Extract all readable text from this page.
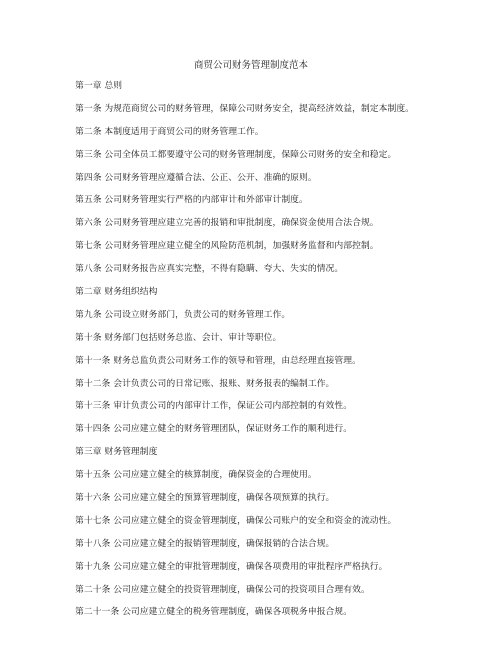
商贸公司财务管理制度范本
第一章 总则
第一条 为规范商贸公司的财务管理，保障公司财务安全，提高经济效益，制定本制度。
第二条 本制度适用于商贸公司的财务管理工作。
第三条 公司全体员工都要遵守公司的财务管理制度，保障公司财务的安全和稳定。
第四条 公司财务管理应遵循合法、公正、公开、准确的原则。
第五条 公司财务管理实行严格的内部审计和外部审计制度。
第六条 公司财务管理应建立完善的报销和审批制度，确保资金使用合法合规。
第七条 公司财务管理应建立健全的风险防范机制，加强财务监督和内部控制。
第八条 公司财务报告应真实完整，不得有隐瞒、夸大、失实的情况。
第二章 财务组织结构
第九条 公司设立财务部门，负责公司的财务管理工作。
第十条 财务部门包括财务总监、会计、审计等职位。
第十一条 财务总监负责公司财务工作的领导和管理，由总经理直接管理。
第十二条 会计负责公司的日常记账、报账、财务报表的编制工作。
第十三条 审计负责公司的内部审计工作，保证公司内部控制的有效性。
第十四条 公司应建立健全的财务管理团队，保证财务工作的顺利进行。
第三章 财务管理制度
第十五条 公司应建立健全的核算制度，确保资金的合理使用。
第十六条 公司应建立健全的预算管理制度，确保各项预算的执行。
第十七条 公司应建立健全的资金管理制度，确保公司账户的安全和资金的流动性。
第十八条 公司应建立健全的报销管理制度，确保报销的合法合规。
第十九条 公司应建立健全的审批管理制度，确保各项费用的审批程序严格执行。
第二十条 公司应建立健全的投资管理制度，确保公司的投资项目合理有效。
第二十一条 公司应建立健全的税务管理制度，确保各项税务申报合规。
